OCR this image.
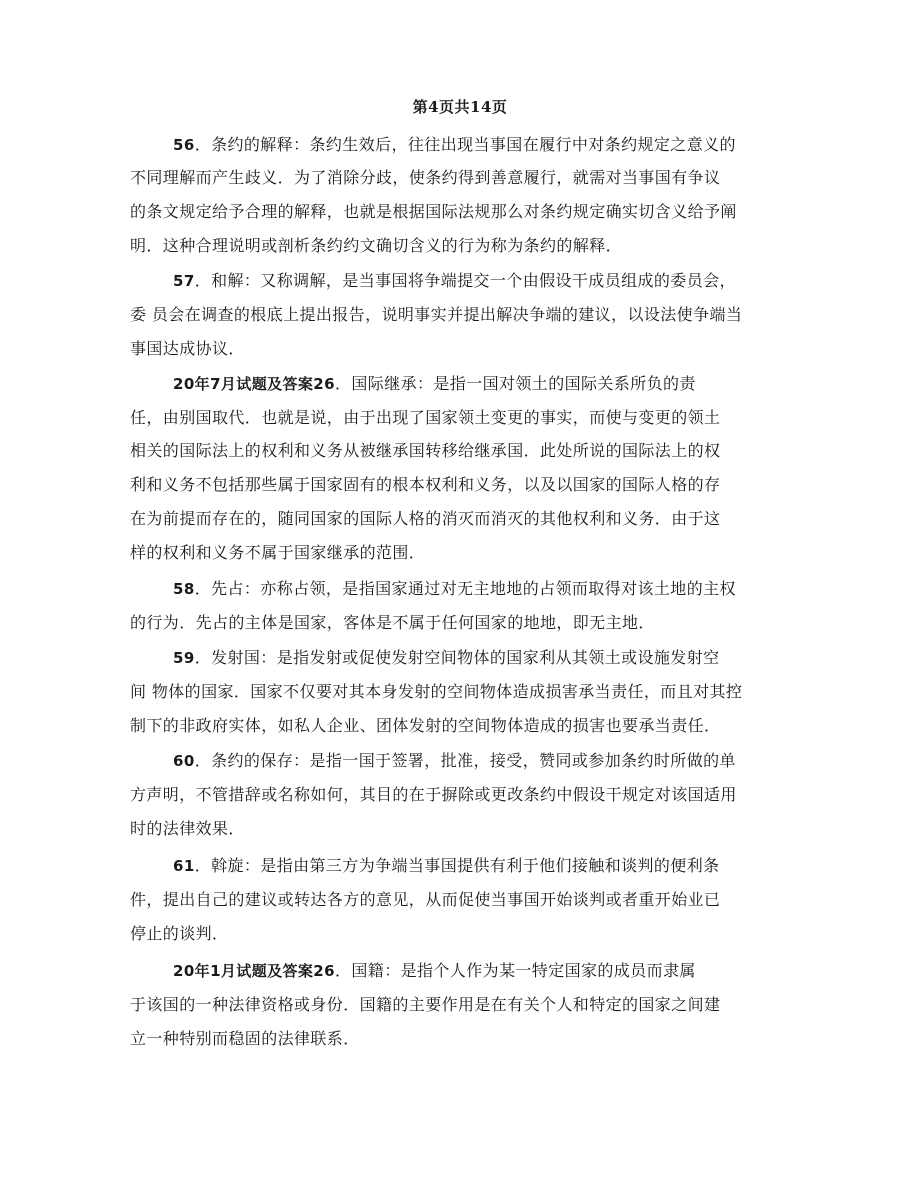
第4页共14页
56．条约的解释：条约生效后，往往出现当事国在履行中对条约规定之意义的
不同理解而产生歧义．为了消除分歧，使条约得到善意履行，就需对当事国有争议
的条文规定给予合理的解释，也就是根据国际法规那么对条约规定确实切含义给予阐
明．这种合理说明或剖析条约约文确切含义的行为称为条约的解释．
57．和解：又称调解，是当事国将争端提交一个由假设干成员组成的委员会，
委 员会在调查的根底上提出报告，说明事实并提出解决争端的建议，以设法使争端当
事国达成协议．
20年7月试题及答案26．国际继承：是指一国对领土的国际关系所负的责
任，由别国取代．也就是说，由于出现了国家领土变更的事实，而使与变更的领土
相关的国际法上的权利和义务从被继承国转移给继承国．此处所说的国际法上的权
利和义务不包括那些属于国家固有的根本权利和义务，以及以国家的国际人格的存
在为前提而存在的，随同国家的国际人格的消灭而消灭的其他权利和义务．由于这
样的权利和义务不属于国家继承的范围．
58．先占：亦称占领，是指国家通过对无主地地的占领而取得对该土地的主权
的行为．先占的主体是国家，客体是不属于任何国家的地地，即无主地．
59．发射国：是指发射或促使发射空间物体的国家利从其领土或设施发射空
间 物体的国家．国家不仅要对其本身发射的空间物体造成损害承当责任，而且对其控
制下的非政府实体，如私人企业、团体发射的空间物体造成的损害也要承当责任．
60．条约的保存：是指一国于签署，批准，接受，赞同或参加条约时所做的单
方声明，不管措辞或名称如何，其目的在于摒除或更改条约中假设干规定对该国适用
时的法律效果．
61．斡旋：是指由第三方为争端当事国提供有利于他们接触和谈判的便利条
件，提出自己的建议或转达各方的意见，从而促使当事国开始谈判或者重开始业已
停止的谈判．
20年1月试题及答案26．国籍：是指个人作为某一特定国家的成员而隶属
于该国的一种法律资格或身份．国籍的主要作用是在有关个人和特定的国家之间建
立一种特别而稳固的法律联系．
